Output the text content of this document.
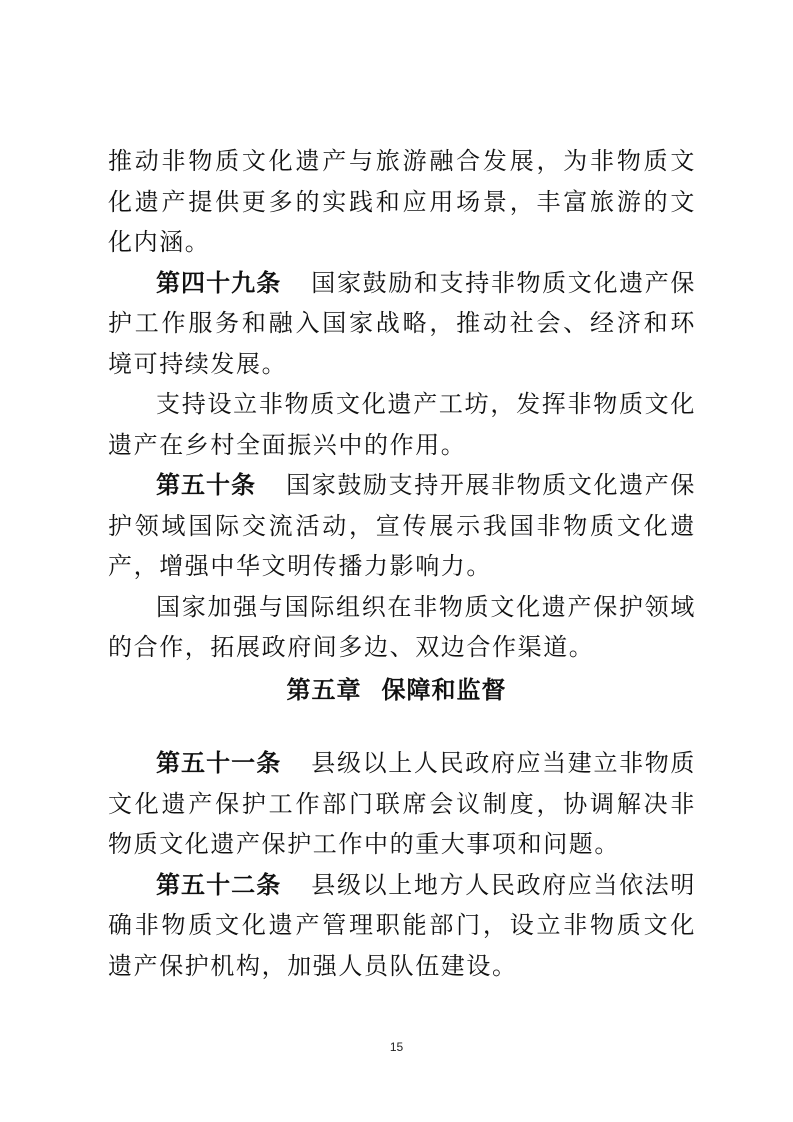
推动非物质文化遗产与旅游融合发展，为非物质文化遗产提供更多的实践和应用场景，丰富旅游的文化内涵。

第四十九条 国家鼓励和支持非物质文化遗产保护工作服务和融入国家战略，推动社会、经济和环境可持续发展。

支持设立非物质文化遗产工坊，发挥非物质文化遗产在乡村全面振兴中的作用。

第五十条 国家鼓励支持开展非物质文化遗产保护领域国际交流活动，宣传展示我国非物质文化遗产，增强中华文明传播力影响力。

国家加强与国际组织在非物质文化遗产保护领域的合作，拓展政府间多边、双边合作渠道。

第五章 保障和监督

第五十一条 县级以上人民政府应当建立非物质文化遗产保护工作部门联席会议制度，协调解决非物质文化遗产保护工作中的重大事项和问题。

第五十二条 县级以上地方人民政府应当依法明确非物质文化遗产管理职能部门，设立非物质文化遗产保护机构，加强人员队伍建设。

15
